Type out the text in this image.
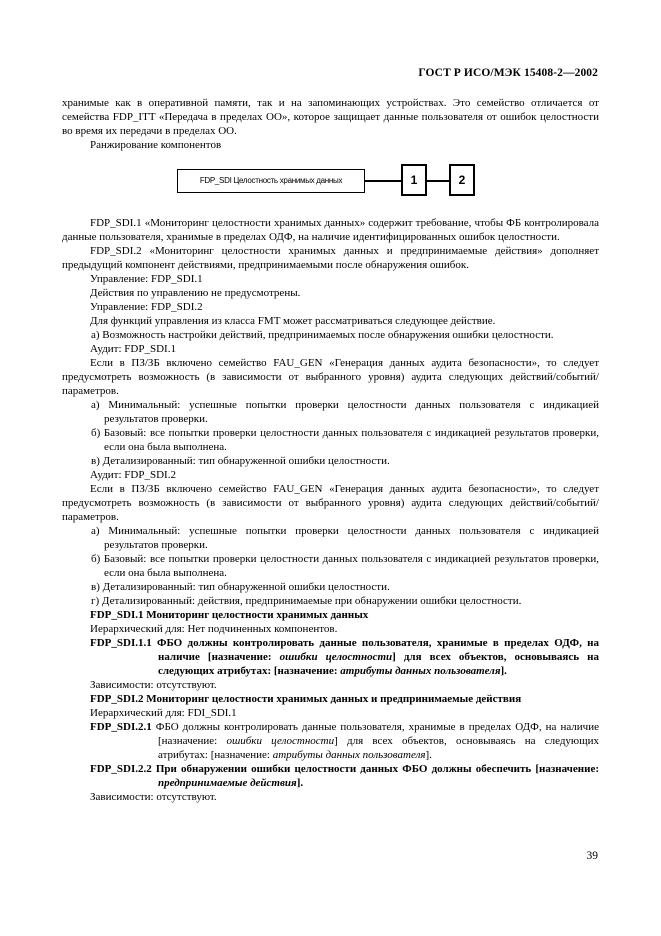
ГОСТ Р ИСО/МЭК 15408-2—2002

хранимые как в оперативной памяти, так и на запоминающих устройствах. Это семейство отличается от семейства FDP_ITT «Передача в пределах ОО», которое защищает данные пользователя от ошибок целостности во время их передачи в пределах ОО.

Ранжирование компонентов

FDP_SDI Целостность хранимых данных	1	2

FDP_SDI.1 «Мониторинг целостности хранимых данных» содержит требование, чтобы ФБ контролировала данные пользователя, хранимые в пределах ОДФ, на наличие идентифицированных ошибок целостности.

FDP_SDI.2 «Мониторинг целостности хранимых данных и предпринимаемые действия» дополняет предыдущий компонент действиями, предпринимаемыми после обнаружения ошибок.

Управление: FDP_SDI.1

Действия по управлению не предусмотрены.

Управление: FDP_SDI.2

Для функций управления из класса FMT может рассматриваться следующее действие.

а) Возможность настройки действий, предпринимаемых после обнаружения ошибки целостности.

Аудит: FDP_SDI.1

Если в ПЗ/ЗБ включено семейство FAU_GEN «Генерация данных аудита безопасности», то следует предусмотреть возможность (в зависимости от выбранного уровня) аудита следующих действий/событий/параметров.

а) Минимальный: успешные попытки проверки целостности данных пользователя с индикацией результатов проверки.

б) Базовый: все попытки проверки целостности данных пользователя с индикацией результатов проверки, если она была выполнена.

в) Детализированный: тип обнаруженной ошибки целостности.

Аудит: FDP_SDI.2

Если в ПЗ/ЗБ включено семейство FAU_GEN «Генерация данных аудита безопасности», то следует предусмотреть возможность (в зависимости от выбранного уровня) аудита следующих действий/событий/параметров.

а) Минимальный: успешные попытки проверки целостности данных пользователя с индикацией результатов проверки.

б) Базовый: все попытки проверки целостности данных пользователя с индикацией результатов проверки, если она была выполнена.

в) Детализированный: тип обнаруженной ошибки целостности.

г) Детализированный: действия, предпринимаемые при обнаружении ошибки целостности.

FDP_SDI.1 Мониторинг целостности хранимых данных

Иерархический для: Нет подчиненных компонентов.

FDP_SDI.1.1 ФБО должны контролировать данные пользователя, хранимые в пределах ОДФ, на наличие [назначение: ошибки целостности] для всех объектов, основываясь на следующих атрибутах: [назначение: атрибуты данных пользователя].

Зависимости: отсутствуют.

FDP_SDI.2 Мониторинг целостности хранимых данных и предпринимаемые действия

Иерархический для: FDI_SDI.1

FDP_SDI.2.1 ФБО должны контролировать данные пользователя, хранимые в пределах ОДФ, на наличие [назначение: ошибки целостности] для всех объектов, основываясь на следующих атрибутах: [назначение: атрибуты данных пользователя].

FDP_SDI.2.2 При обнаружении ошибки целостности данных ФБО должны обеспечить [назначение: предпринимаемые действия].

Зависимости: отсутствуют.

39
